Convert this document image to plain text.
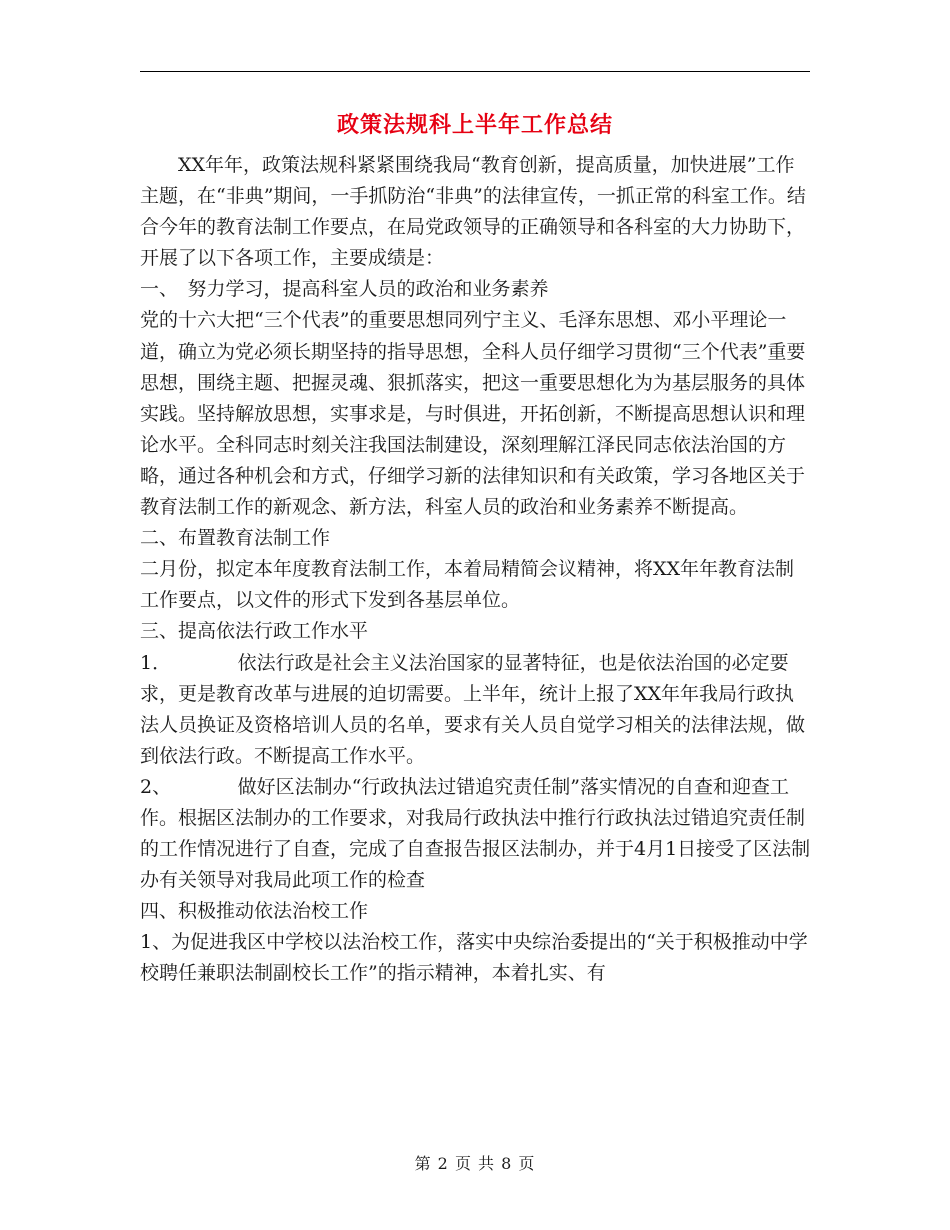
政策法规科上半年工作总结

XX年年，政策法规科紧紧围绕我局“教育创新，提高质量，加快进展”工作主题，在“非典”期间，一手抓防治“非典”的法律宣传，一抓正常的科室工作。结合今年的教育法制工作要点，在局党政领导的正确领导和各科室的大力协助下，开展了以下各项工作，主要成绩是：

一、　努力学习，提高科室人员的政治和业务素养

党的十六大把“三个代表”的重要思想同列宁主义、毛泽东思想、邓小平理论一道，确立为党必须长期坚持的指导思想，全科人员仔细学习贯彻“三个代表”重要思想，围绕主题、把握灵魂、狠抓落实，把这一重要思想化为为基层服务的具体实践。坚持解放思想，实事求是，与时俱进，开拓创新，不断提高思想认识和理论水平。全科同志时刻关注我国法制建设，深刻理解江泽民同志依法治国的方略，通过各种机会和方式，仔细学习新的法律知识和有关政策，学习各地区关于教育法制工作的新观念、新方法，科室人员的政治和业务素养不断提高。

二、布置教育法制工作

二月份，拟定本年度教育法制工作，本着局精简会议精神，将XX年年教育法制工作要点，以文件的形式下发到各基层单位。

三、提高依法行政工作水平

1．　　　　依法行政是社会主义法治国家的显著特征，也是依法治国的必定要求，更是教育改革与进展的迫切需要。上半年，统计上报了XX年年我局行政执法人员换证及资格培训人员的名单，要求有关人员自觉学习相关的法律法规，做到依法行政。不断提高工作水平。

2、　　　　做好区法制办“行政执法过错追究责任制”落实情况的自查和迎查工作。根据区法制办的工作要求，对我局行政执法中推行行政执法过错追究责任制的工作情况进行了自查，完成了自查报告报区法制办，并于4月1日接受了区法制办有关领导对我局此项工作的检查

四、积极推动依法治校工作

1、为促进我区中学校以法治校工作，落实中央综治委提出的“关于积极推动中学校聘任兼职法制副校长工作”的指示精神，本着扎实、有

第 2 页 共 8 页
